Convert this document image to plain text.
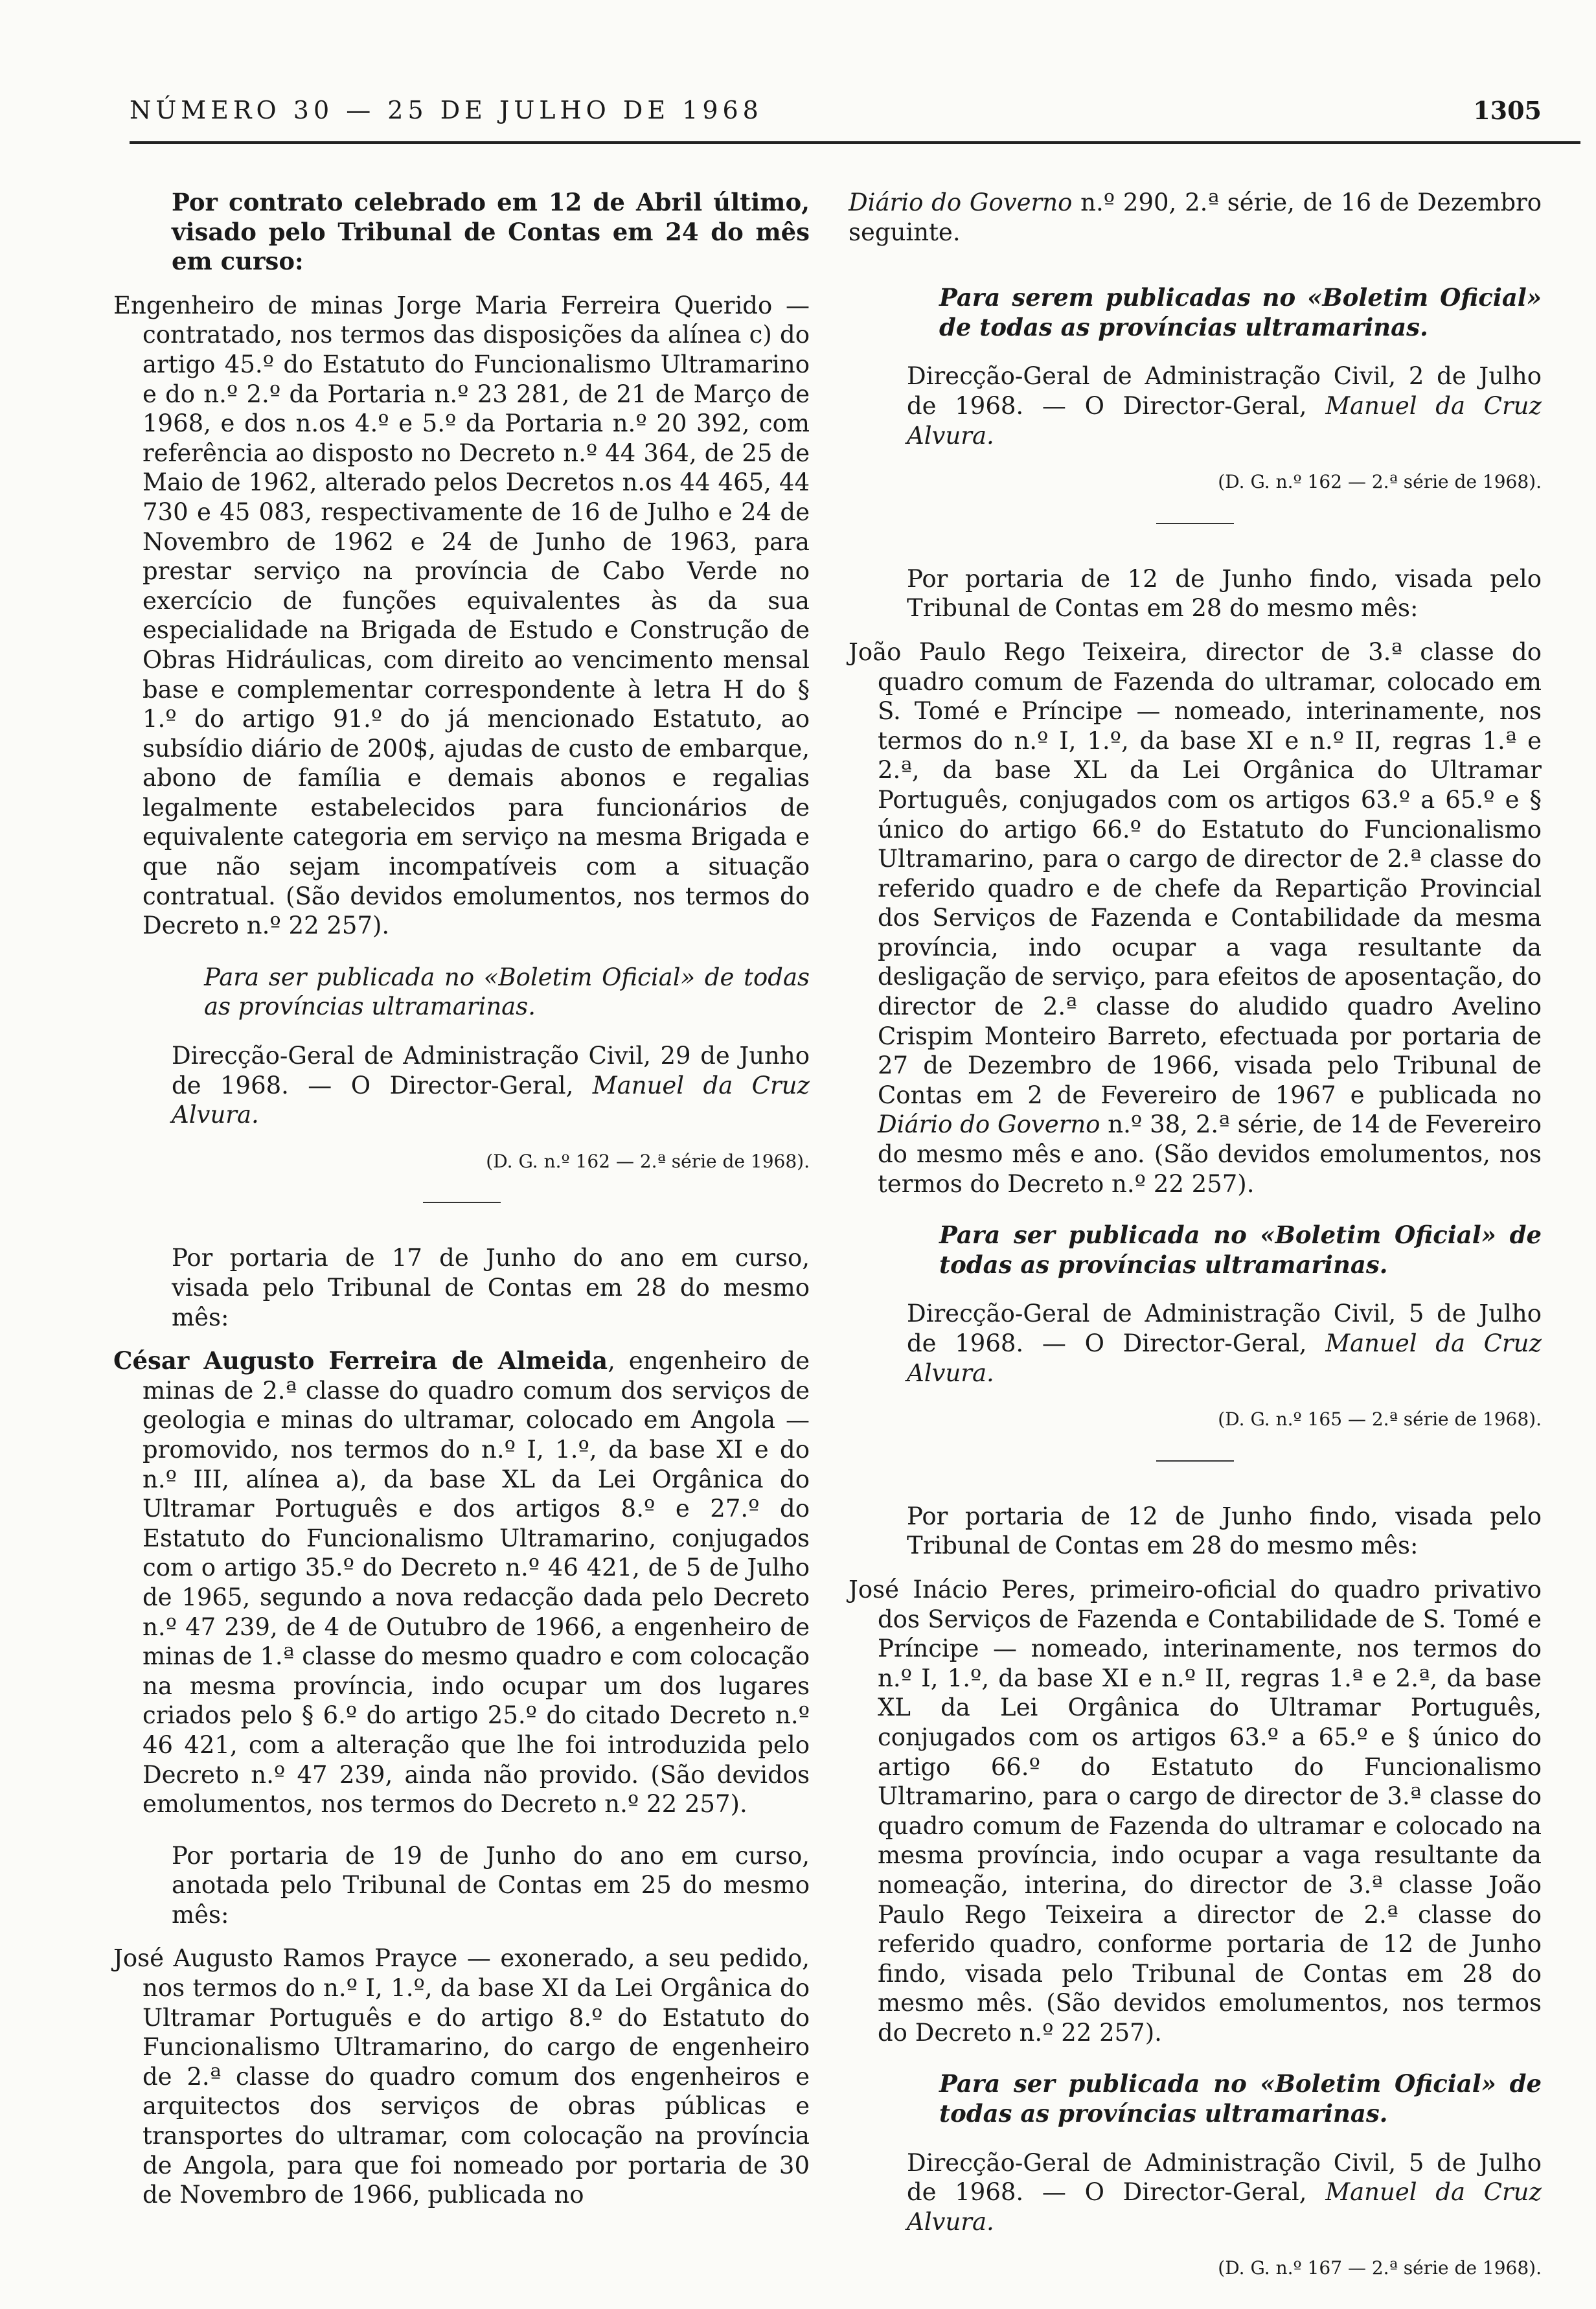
NÚMERO 30 — 25 DE JULHO DE 1968	1305

Por contrato celebrado em 12 de Abril último, visado pelo Tribunal de Contas em 24 do mês em curso:

Engenheiro de minas Jorge Maria Ferreira Querido — contratado, nos termos das disposições da alínea c) do artigo 45.º do Estatuto do Funcionalismo Ultramarino e do n.º 2.º da Portaria n.º 23 281, de 21 de Março de 1968, e dos n.os 4.º e 5.º da Portaria n.º 20 392, com referência ao disposto no Decreto n.º 44 364, de 25 de Maio de 1962, alterado pelos Decretos n.os 44 465, 44 730 e 45 083, respectivamente de 16 de Julho e 24 de Novembro de 1962 e 24 de Junho de 1963, para prestar serviço na província de Cabo Verde no exercício de funções equivalentes às da sua especialidade na Brigada de Estudo e Construção de Obras Hidráulicas, com direito ao vencimento mensal base e complementar correspondente à letra H do § 1.º do artigo 91.º do já mencionado Estatuto, ao subsídio diário de 200$, ajudas de custo de embarque, abono de família e demais abonos e regalias legalmente estabelecidos para funcionários de equivalente categoria em serviço na mesma Brigada e que não sejam incompatíveis com a situação contratual. (São devidos emolumentos, nos termos do Decreto n.º 22 257).

Para ser publicada no «Boletim Oficial» de todas as províncias ultramarinas.

Direcção-Geral de Administração Civil, 29 de Junho de 1968. — O Director-Geral, Manuel da Cruz Alvura.

(D. G. n.º 162 — 2.ª série de 1968).

Por portaria de 17 de Junho do ano em curso, visada pelo Tribunal de Contas em 28 do mesmo mês:

César Augusto Ferreira de Almeida, engenheiro de minas de 2.ª classe do quadro comum dos serviços de geologia e minas do ultramar, colocado em Angola — promovido, nos termos do n.º I, 1.º, da base XI e do n.º III, alínea a), da base XL da Lei Orgânica do Ultramar Português e dos artigos 8.º e 27.º do Estatuto do Funcionalismo Ultramarino, conjugados com o artigo 35.º do Decreto n.º 46 421, de 5 de Julho de 1965, segundo a nova redacção dada pelo Decreto n.º 47 239, de 4 de Outubro de 1966, a engenheiro de minas de 1.ª classe do mesmo quadro e com colocação na mesma província, indo ocupar um dos lugares criados pelo § 6.º do artigo 25.º do citado Decreto n.º 46 421, com a alteração que lhe foi introduzida pelo Decreto n.º 47 239, ainda não provido. (São devidos emolumentos, nos termos do Decreto n.º 22 257).

Por portaria de 19 de Junho do ano em curso, anotada pelo Tribunal de Contas em 25 do mesmo mês:

José Augusto Ramos Prayce — exonerado, a seu pedido, nos termos do n.º I, 1.º, da base XI da Lei Orgânica do Ultramar Português e do artigo 8.º do Estatuto do Funcionalismo Ultramarino, do cargo de engenheiro de 2.ª classe do quadro comum dos engenheiros e arquitectos dos serviços de obras públicas e transportes do ultramar, com colocação na província de Angola, para que foi nomeado por portaria de 30 de Novembro de 1966, publicada no

Diário do Governo n.º 290, 2.ª série, de 16 de Dezembro seguinte.

Para serem publicadas no «Boletim Oficial» de todas as províncias ultramarinas.

Direcção-Geral de Administração Civil, 2 de Julho de 1968. — O Director-Geral, Manuel da Cruz Alvura.

(D. G. n.º 162 — 2.ª série de 1968).

Por portaria de 12 de Junho findo, visada pelo Tribunal de Contas em 28 do mesmo mês:

João Paulo Rego Teixeira, director de 3.ª classe do quadro comum de Fazenda do ultramar, colocado em S. Tomé e Príncipe — nomeado, interinamente, nos termos do n.º I, 1.º, da base XI e n.º II, regras 1.ª e 2.ª, da base XL da Lei Orgânica do Ultramar Português, conjugados com os artigos 63.º a 65.º e § único do artigo 66.º do Estatuto do Funcionalismo Ultramarino, para o cargo de director de 2.ª classe do referido quadro e de chefe da Repartição Provincial dos Serviços de Fazenda e Contabilidade da mesma província, indo ocupar a vaga resultante da desligação de serviço, para efeitos de aposentação, do director de 2.ª classe do aludido quadro Avelino Crispim Monteiro Barreto, efectuada por portaria de 27 de Dezembro de 1966, visada pelo Tribunal de Contas em 2 de Fevereiro de 1967 e publicada no Diário do Governo n.º 38, 2.ª série, de 14 de Fevereiro do mesmo mês e ano. (São devidos emolumentos, nos termos do Decreto n.º 22 257).

Para ser publicada no «Boletim Oficial» de todas as províncias ultramarinas.

Direcção-Geral de Administração Civil, 5 de Julho de 1968. — O Director-Geral, Manuel da Cruz Alvura.

(D. G. n.º 165 — 2.ª série de 1968).

Por portaria de 12 de Junho findo, visada pelo Tribunal de Contas em 28 do mesmo mês:

José Inácio Peres, primeiro-oficial do quadro privativo dos Serviços de Fazenda e Contabilidade de S. Tomé e Príncipe — nomeado, interinamente, nos termos do n.º I, 1.º, da base XI e n.º II, regras 1.ª e 2.ª, da base XL da Lei Orgânica do Ultramar Português, conjugados com os artigos 63.º a 65.º e § único do artigo 66.º do Estatuto do Funcionalismo Ultramarino, para o cargo de director de 3.ª classe do quadro comum de Fazenda do ultramar e colocado na mesma província, indo ocupar a vaga resultante da nomeação, interina, do director de 3.ª classe João Paulo Rego Teixeira a director de 2.ª classe do referido quadro, conforme portaria de 12 de Junho findo, visada pelo Tribunal de Contas em 28 do mesmo mês. (São devidos emolumentos, nos termos do Decreto n.º 22 257).

Para ser publicada no «Boletim Oficial» de todas as províncias ultramarinas.

Direcção-Geral de Administração Civil, 5 de Julho de 1968. — O Director-Geral, Manuel da Cruz Alvura.

(D. G. n.º 167 — 2.ª série de 1968).
